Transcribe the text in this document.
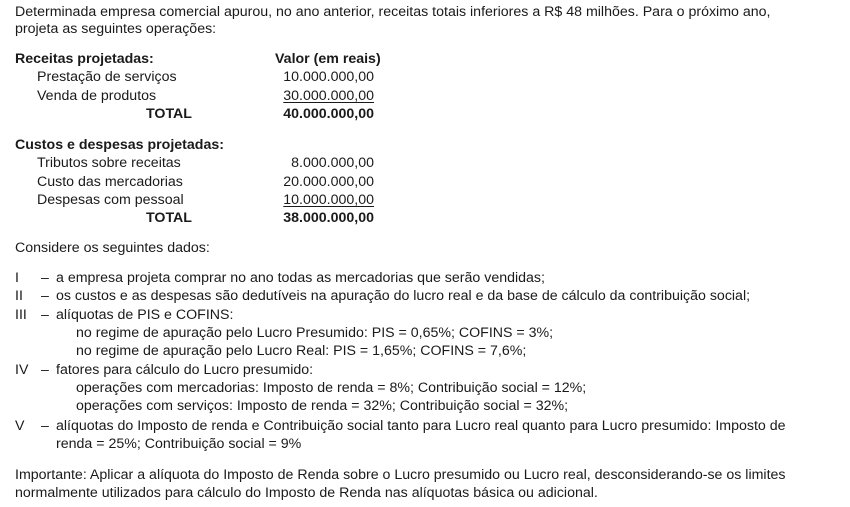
Determinada empresa comercial apurou, no ano anterior, receitas totais inferiores a R$ 48 milhões. Para o próximo ano,
projeta as seguintes operações:
Receitas projetadas:	Valor (em reais)
Prestação de serviços	10.000.000,00
Venda de produtos	30.000.000,00
TOTAL	40.000.000,00
Custos e despesas projetadas:
Tributos sobre receitas	8.000.000,00
Custo das mercadorias	20.000.000,00
Despesas com pessoal	10.000.000,00
TOTAL	38.000.000,00
Considere os seguintes dados:
I – a empresa projeta comprar no ano todas as mercadorias que serão vendidas;
II – os custos e as despesas são dedutíveis na apuração do lucro real e da base de cálculo da contribuição social;
III – alíquotas de PIS e COFINS:
no regime de apuração pelo Lucro Presumido: PIS = 0,65%; COFINS = 3%;
no regime de apuração pelo Lucro Real: PIS = 1,65%; COFINS = 7,6%;
IV – fatores para cálculo do Lucro presumido:
operações com mercadorias: Imposto de renda = 8%; Contribuição social = 12%;
operações com serviços: Imposto de renda = 32%; Contribuição social = 32%;
V – alíquotas do Imposto de renda e Contribuição social tanto para Lucro real quanto para Lucro presumido: Imposto de
renda = 25%; Contribuição social = 9%
Importante: Aplicar a alíquota do Imposto de Renda sobre o Lucro presumido ou Lucro real, desconsiderando-se os limites
normalmente utilizados para cálculo do Imposto de Renda nas alíquotas básica ou adicional.
